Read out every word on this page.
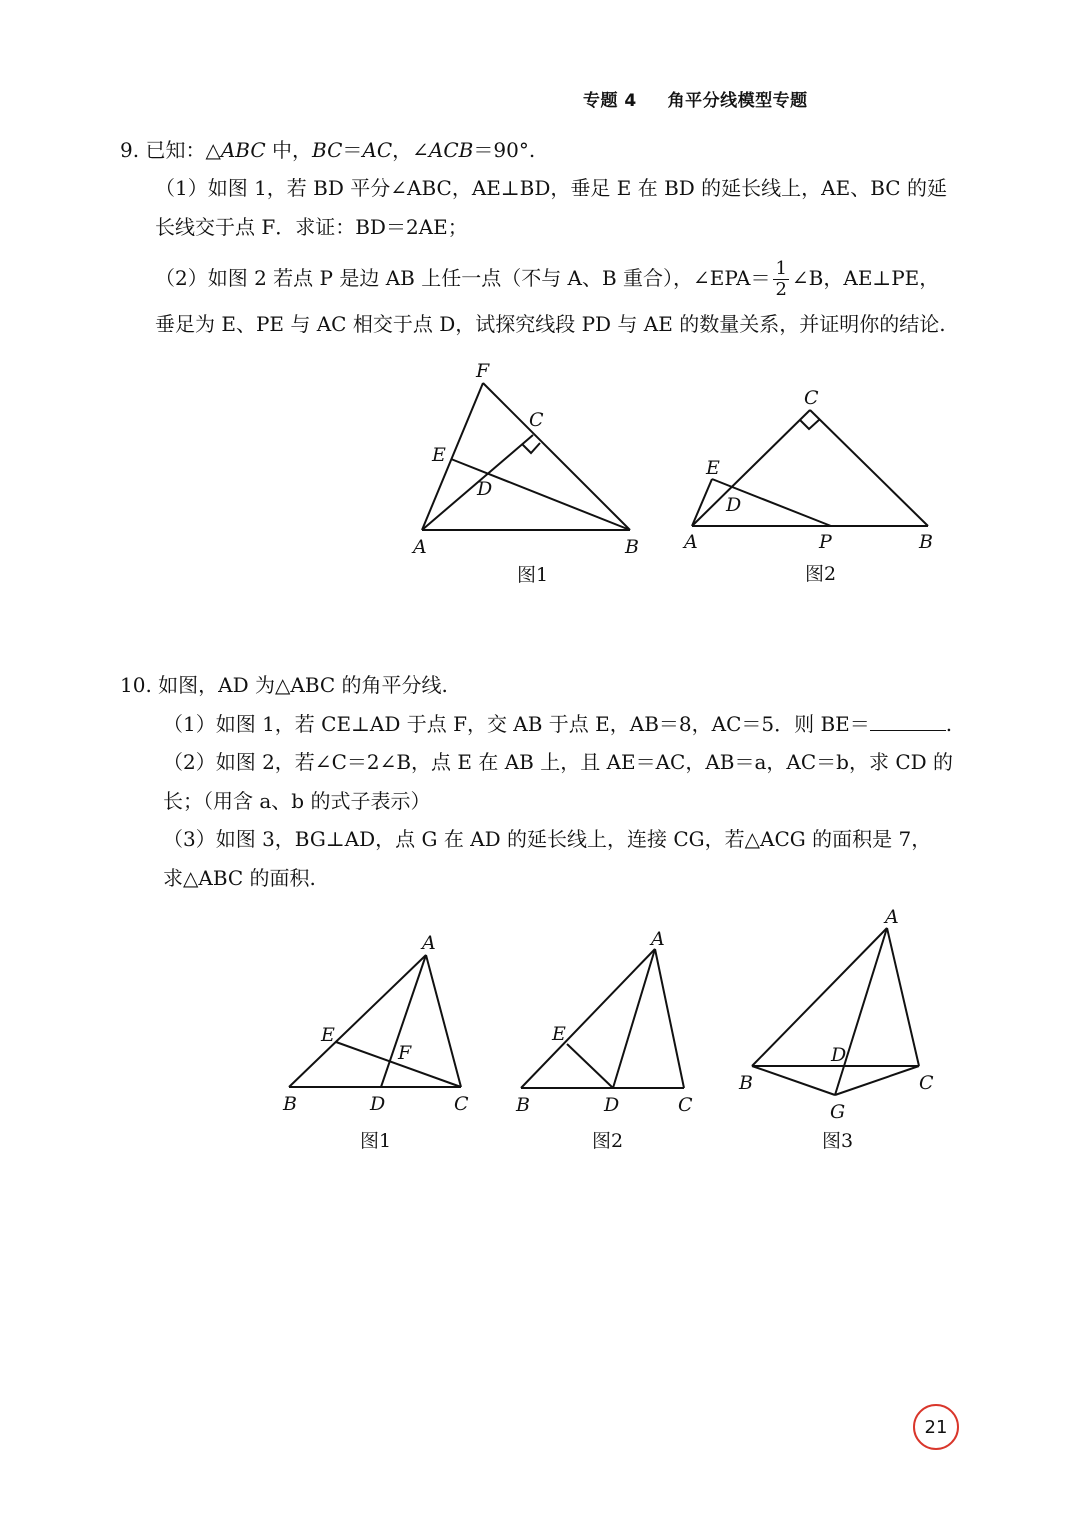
专题 4 角平分线模型专题
9. 已知：△ABC 中，BC＝AC，∠ACB＝90°.
（1）如图 1，若 BD 平分∠ABC，AE⊥BD，垂足 E 在 BD 的延长线上，AE、BC 的延
长线交于点 F．求证：BD＝2AE；
（2）如图 2 若点 P 是边 AB 上任一点（不与 A、B 重合），∠EPA＝ $\frac{1}{2}$ ∠B，AE⊥PE，
垂足为 E、PE 与 AC 相交于点 D，试探究线段 PD 与 AE 的数量关系，并证明你的结论.
F
C
E
D
A	B
图1
C
E
D
A	P	B
图2
10. 如图，AD 为△ABC 的角平分线.
（1）如图 1，若 CE⊥AD 于点 F，交 AB 于点 E，AB＝8，AC＝5．则 BE＝	.
（2）如图 2，若∠C＝2∠B，点 E 在 AB 上，且 AE＝AC，AB＝a，AC＝b，求 CD 的
长；（用含 a、b 的式子表示）
（3）如图 3，BG⊥AD，点 G 在 AD 的延长线上，连接 CG，若△ACG 的面积是 7，
求△ABC 的面积.
A
E
F
B	D	C
图1
A
E
B	D	C
图2
A
D
B	C
G
图3
21
